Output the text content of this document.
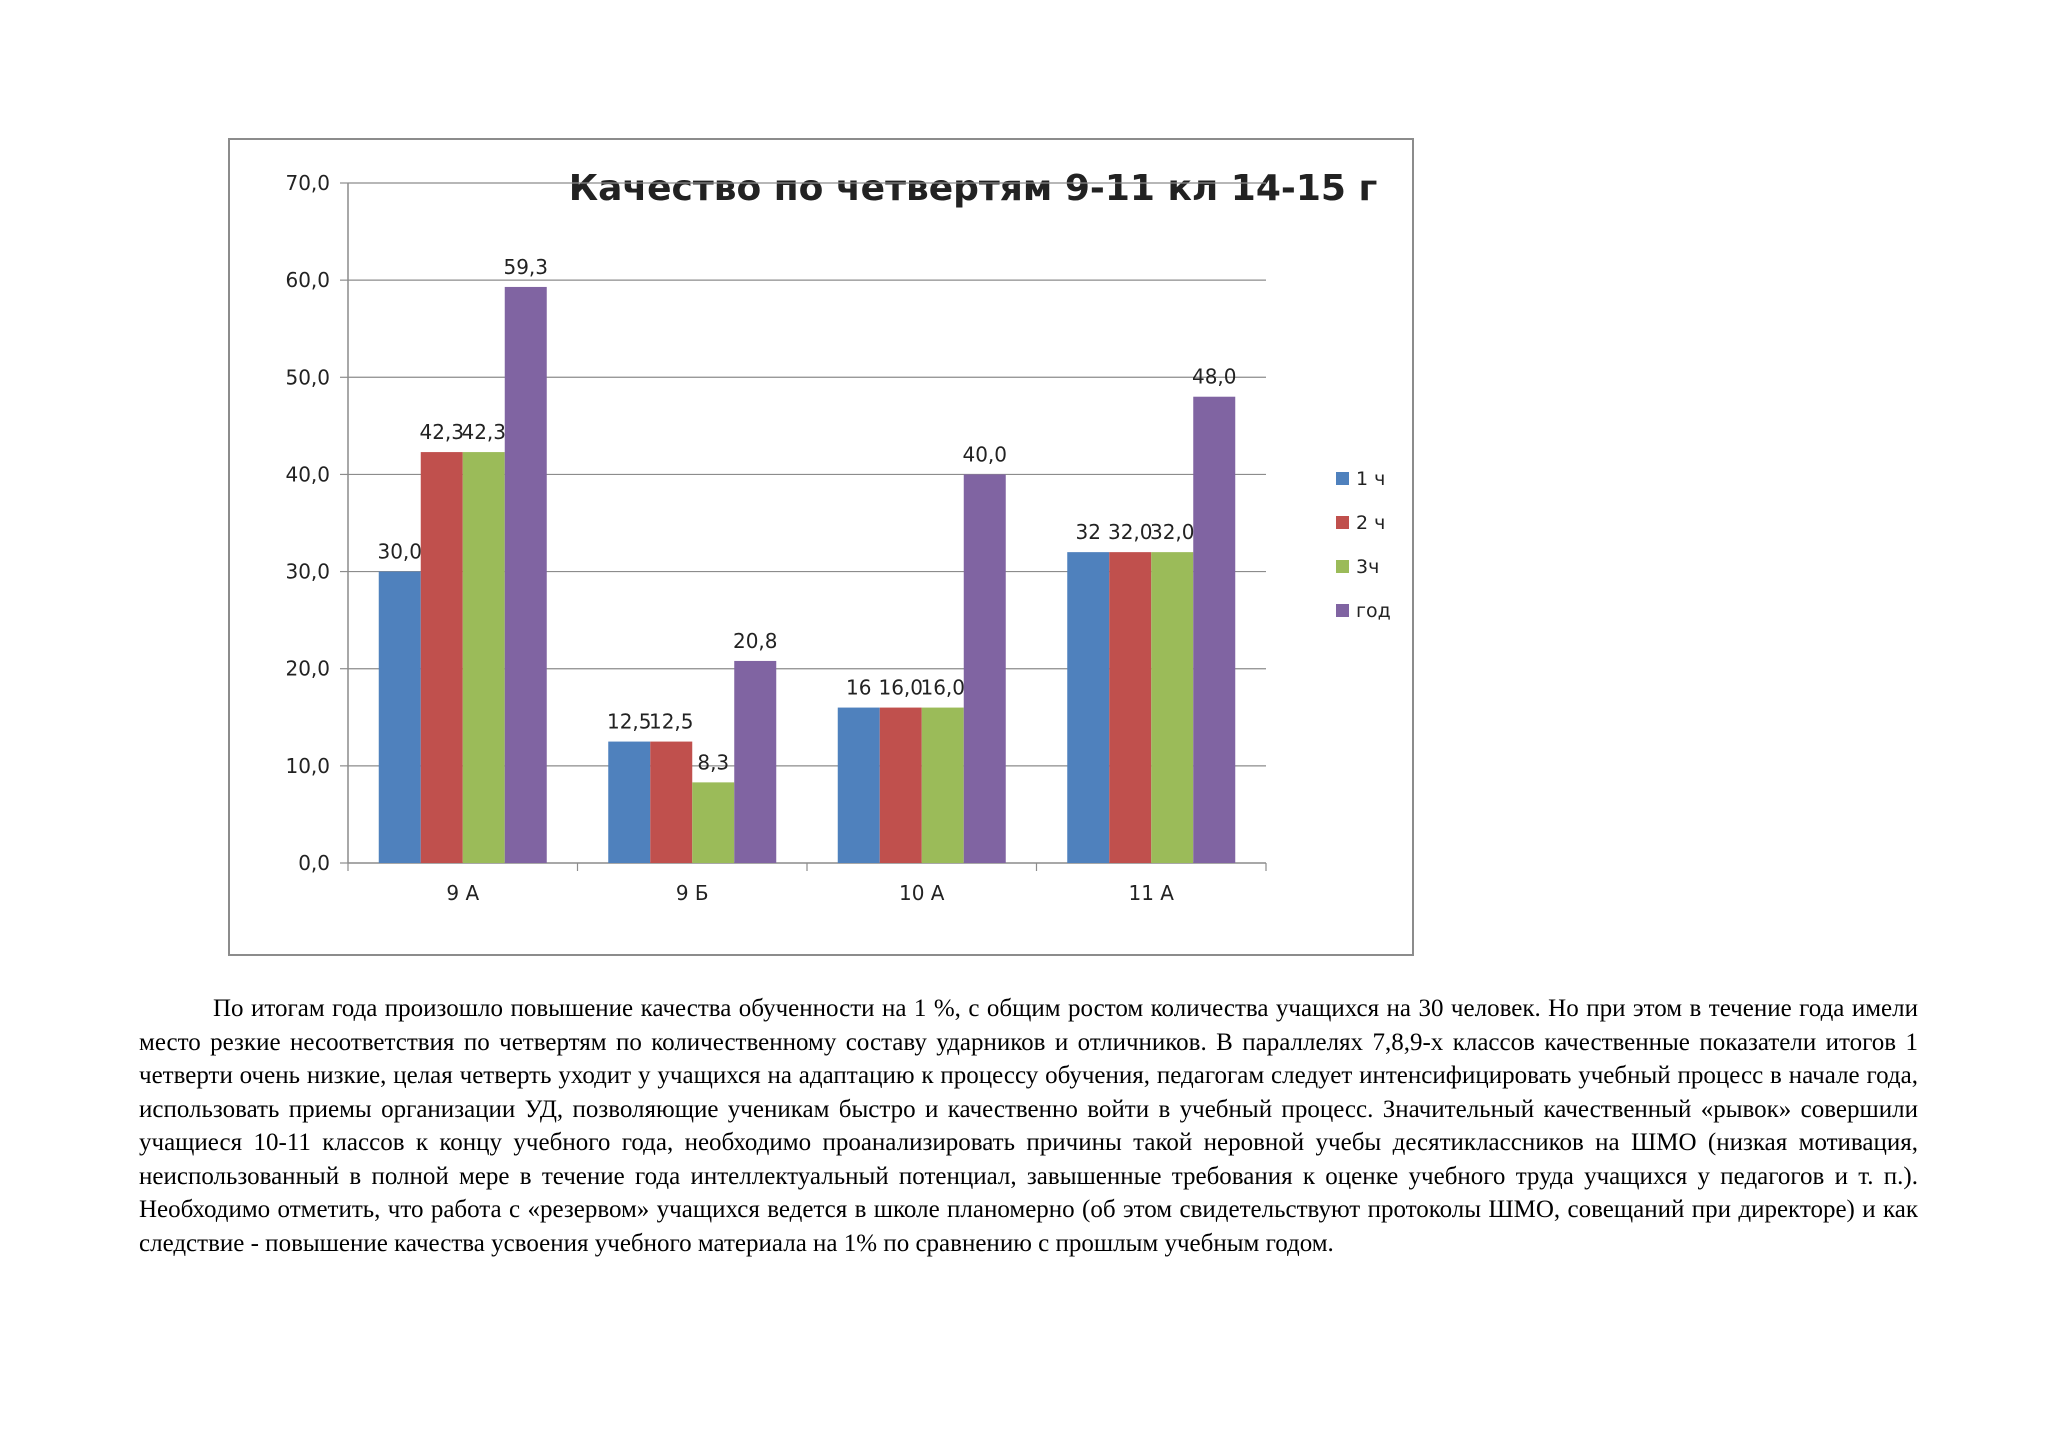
Качество по четвертям 9-11 кл 14-15 г
0,0
10,0
20,0
30,0
40,0
50,0
60,0
70,0
9 А	9 Б	10 А	11 А
30,0
12,5
16
32
42,3
12,5
16,0
32,0
42,3
8,3
16,0
32,0
59,3
20,8
40,0
48,0
1 ч
2 ч
3ч
год

По итогам года произошло повышение качества обученности на 1 %, с общим ростом количества учащихся на 30 человек. Но при этом в течение года имели место резкие несоответствия по четвертям по количественному составу ударников и отличников. В параллелях 7,8,9-х классов качественные показатели итогов 1 четверти очень низкие, целая четверть уходит у учащихся на адаптацию к процессу обучения, педагогам следует интенсифицировать учебный процесс в начале года, использовать приемы организации УД, позволяющие ученикам быстро и качественно войти в учебный процесс. Значительный качественный «рывок» совершили учащиеся 10-11 классов к концу учебного года, необходимо проанализировать причины такой неровной учебы десятиклассников на ШМО (низкая мотивация, неиспользованный в полной мере в течение года интеллектуальный потенциал, завышенные требования к оценке учебного труда учащихся у педагогов и т. п.). Необходимо отметить, что работа с «резервом» учащихся ведется в школе планомерно (об этом свидетельствуют протоколы ШМО, совещаний при директоре) и как следствие - повышение качества усвоения учебного материала на 1% по сравнению с прошлым учебным годом.
